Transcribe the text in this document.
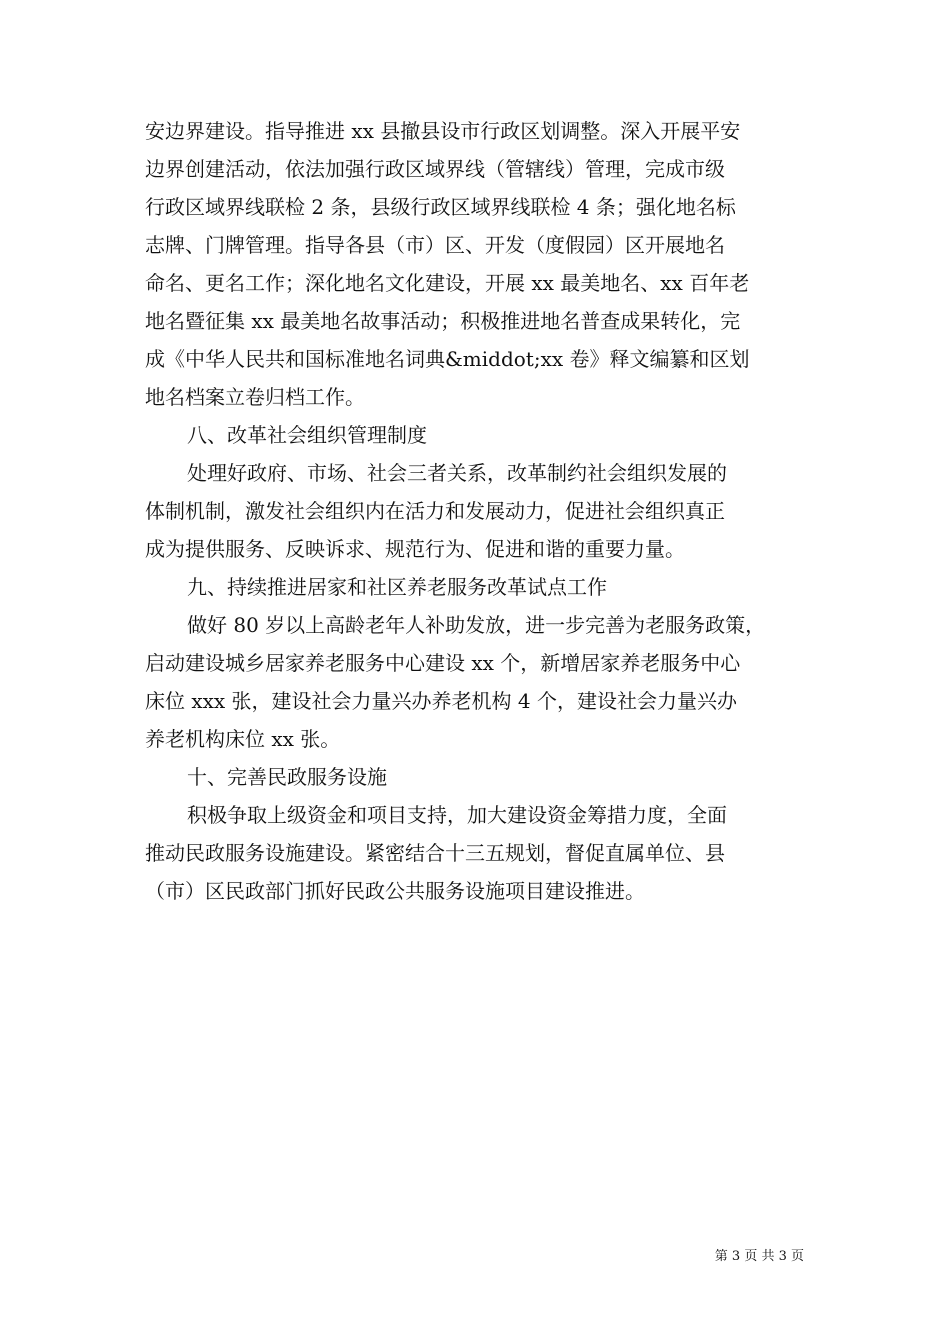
安边界建设。指导推进 xx 县撤县设市行政区划调整。深入开展平安
边界创建活动，依法加强行政区域界线（管辖线）管理，完成市级
行政区域界线联检 2 条，县级行政区域界线联检 4 条；强化地名标
志牌、门牌管理。指导各县（市）区、开发（度假园）区开展地名
命名、更名工作；深化地名文化建设，开展 xx 最美地名、xx 百年老
地名暨征集 xx 最美地名故事活动；积极推进地名普查成果转化，完
成《中华人民共和国标准地名词典&middot;xx 卷》释文编纂和区划
地名档案立卷归档工作。
八、改革社会组织管理制度
处理好政府、市场、社会三者关系，改革制约社会组织发展的
体制机制，激发社会组织内在活力和发展动力，促进社会组织真正
成为提供服务、反映诉求、规范行为、促进和谐的重要力量。
九、持续推进居家和社区养老服务改革试点工作
做好 80 岁以上高龄老年人补助发放，进一步完善为老服务政策，
启动建设城乡居家养老服务中心建设 xx 个，新增居家养老服务中心
床位 xxx 张，建设社会力量兴办养老机构 4 个，建设社会力量兴办
养老机构床位 xx 张。
十、完善民政服务设施
积极争取上级资金和项目支持，加大建设资金筹措力度，全面
推动民政服务设施建设。紧密结合十三五规划，督促直属单位、县
（市）区民政部门抓好民政公共服务设施项目建设推进。
第 3 页 共 3 页
